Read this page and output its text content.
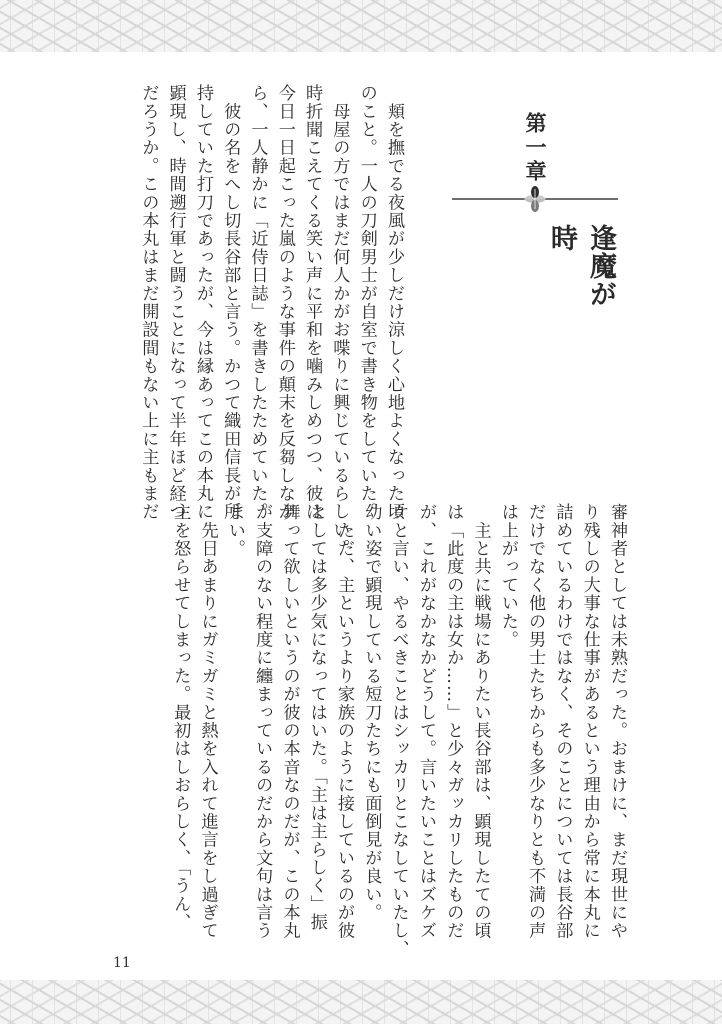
第一章
逢魔が時
　頬を撫でる夜風が少しだけ涼しく心地よくなった頃
のこと。一人の刀剣男士が自室で書き物をしていた。
　母屋の方ではまだ何人かがお喋りに興じているらしい。
時折聞こえてくる笑い声に平和を噛みしめつつ、彼は
今日一日起こった嵐のような事件の顛末を反芻しなが
ら、一人静かに「近侍日誌」を書きしたためていた。
　彼の名をへし切長谷部と言う。かつて織田信長が所
持していた打刀であったが、今は縁あってこの本丸に
顕現し、時間遡行軍と闘うことになって半年ほど経つ
だろうか。この本丸はまだ開設間もない上に主もまだ
審神者としては未熟だった。おまけに、まだ現世にや
り残しの大事な仕事があるという理由から常に本丸に
詰めているわけではなく、そのことについては長谷部
だけでなく他の男士たちからも多少なりとも不満の声
は上がっていた。
　主と共に戦場にありたい長谷部は、顕現したての頃
は「此度の主は女か……」と少々ガッカリしたものだ
が、これがなかなかどうして。言いたいことはズケズ
ケと言い、やるべきことはシッカリとこなしていたし、
幼い姿で顕現している短刀たちにも面倒見が良い。
　ただ、主というより家族のように接しているのが彼
としては多少気になってはいた。「主は主らしく」振
舞って欲しいというのが彼の本音なのだが、この本丸
が支障のない程度に纏まっているのだから文句は言う
まい。
　先日あまりにガミガミと熱を入れて進言をし過ぎて
主を怒らせてしまった。最初はしおらしく、「うん、
11
